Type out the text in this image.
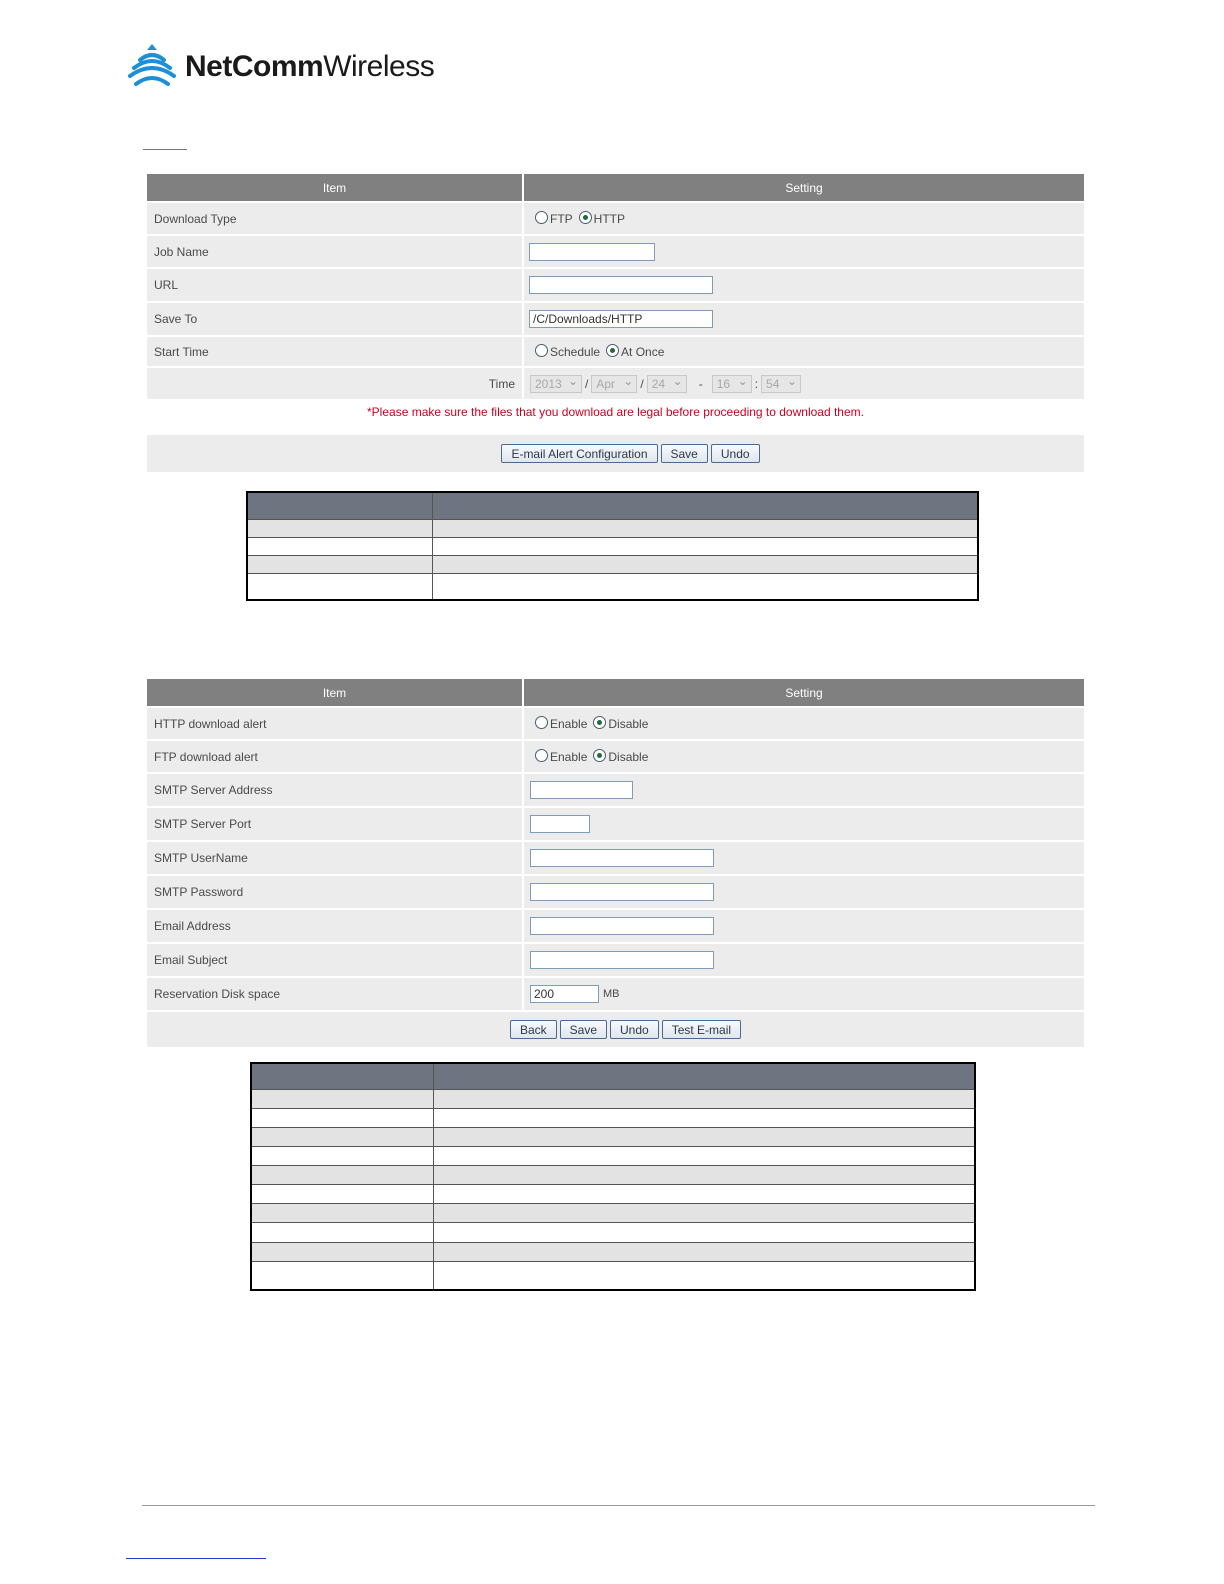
NetCommWireless
Item	Setting
Download Type	FTP HTTP
Job Name
URL
Save To	/C/Downloads/HTTP
Start Time	Schedule At Once
Time	2013 ⌄	/ Apr ⌄	/ 24 ⌄	-	16 ⌄	: 54 ⌄
*Please make sure the files that you download are legal before proceeding to download them.
E-mail Alert Configuration	Save	Undo

Item	Setting
HTTP download alert	Enable Disable
FTP download alert	Enable Disable
SMTP Server Address
SMTP Server Port
SMTP UserName
SMTP Password
Email Address
Email Subject
Reservation Disk space	200	MB
Back	Save	Undo	Test E-mail
